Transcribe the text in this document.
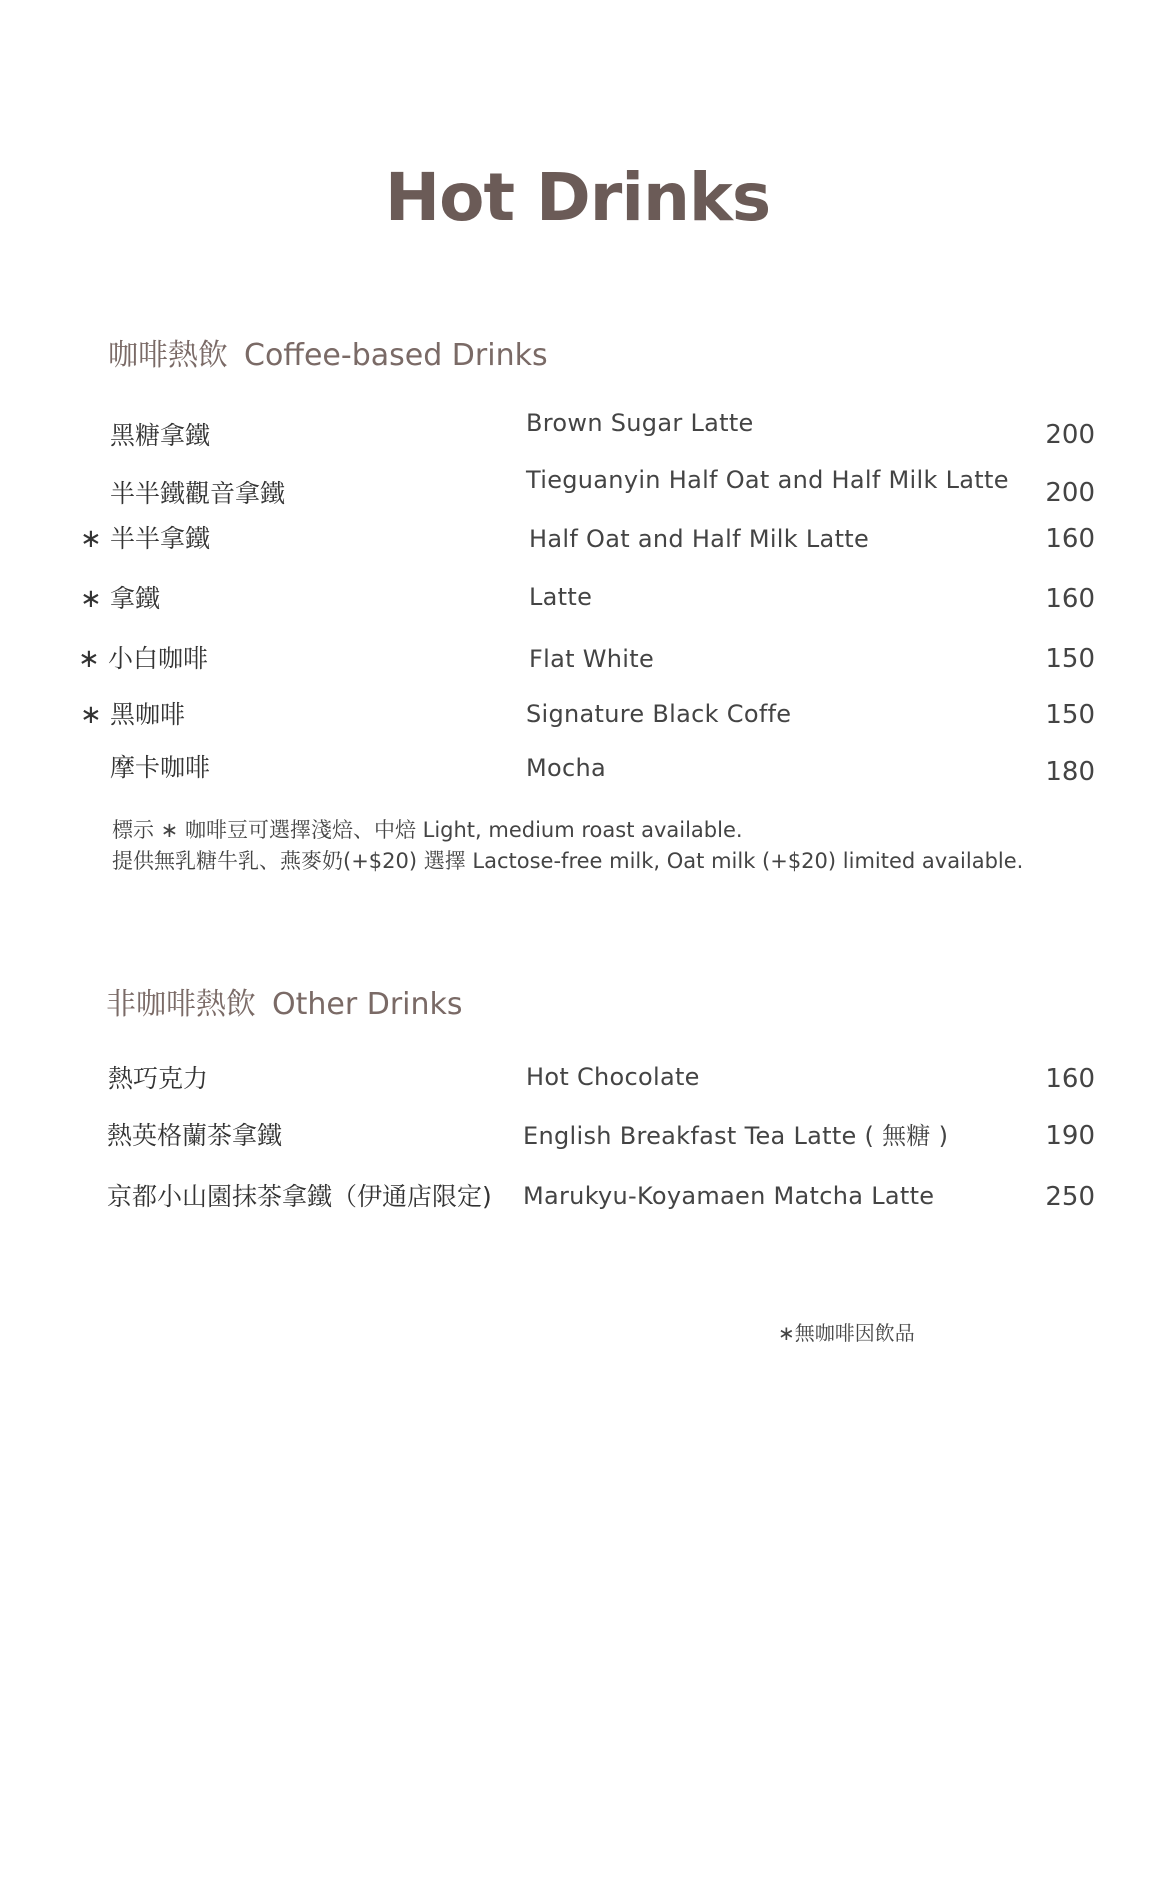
Hot Drinks
咖啡熱飲 Coffee-based Drinks
黑糖拿鐵	Brown Sugar Latte	200
半半鐵觀音拿鐵	Tieguanyin Half Oat and Half Milk Latte	200
∗ 半半拿鐵	Half Oat and Half Milk Latte	160
∗ 拿鐵	Latte	160
∗ 小白咖啡	Flat White	150
∗ 黑咖啡	Signature Black Coffe	150
摩卡咖啡	Mocha	180
標示 ∗ 咖啡豆可選擇淺焙、中焙 Light, medium roast available.
提供無乳糖牛乳、燕麥奶(+$20) 選擇 Lactose-free milk, Oat milk (+$20) limited available.
非咖啡熱飲 Other Drinks
熱巧克力	Hot Chocolate	160
熱英格蘭茶拿鐵	English Breakfast Tea Latte ( 無糖 )	190
京都小山園抹茶拿鐵（伊通店限定) Marukyu-Koyamaen Matcha Latte	250
∗無咖啡因飲品
